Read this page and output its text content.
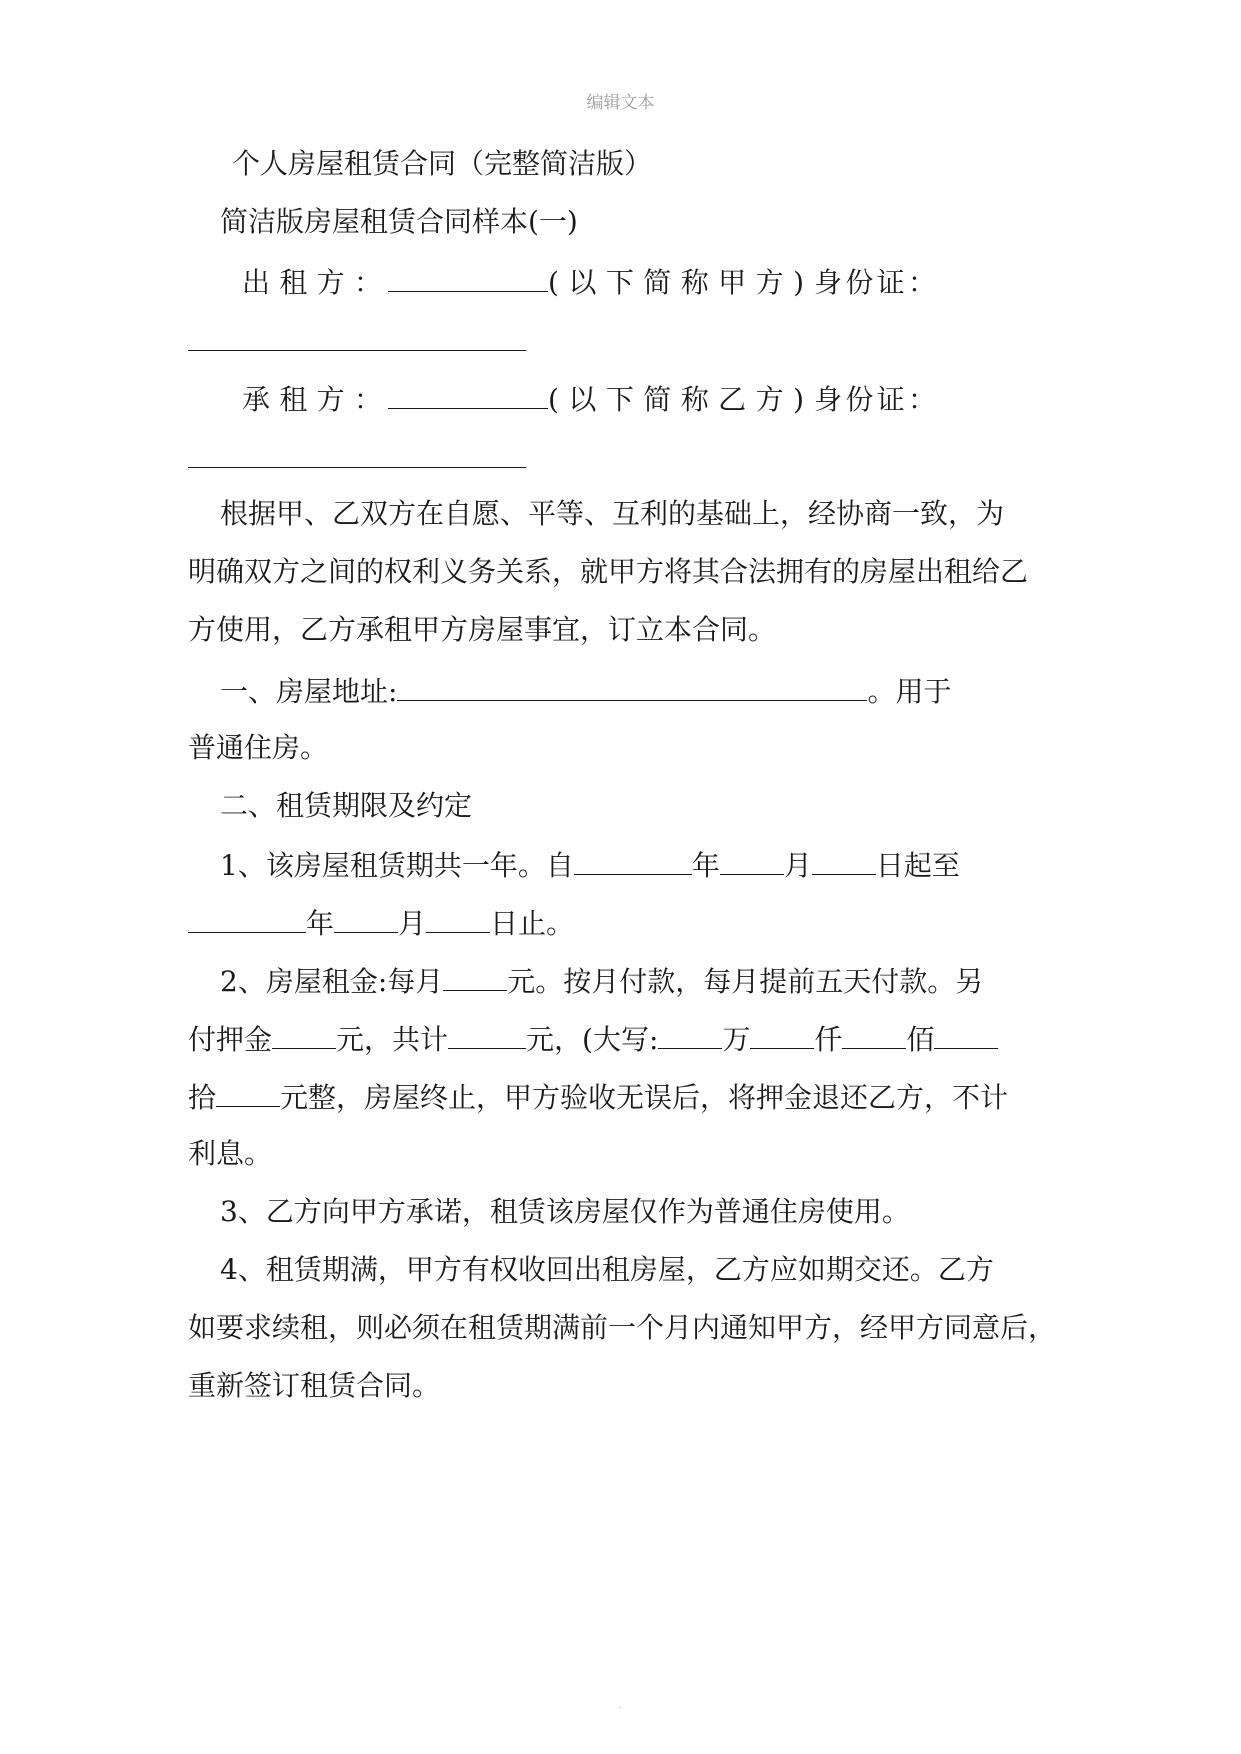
编辑文本
个人房屋租赁合同（完整简洁版）
简洁版房屋租赁合同样本(一)
出租方：	(以下简称甲方) 身份证：
承租方：	(以下简称乙方) 身份证：
根据甲、乙双方在自愿、平等、互利的基础上，经协商一致，为
明确双方之间的权利义务关系，就甲方将其合法拥有的房屋出租给乙
方使用，乙方承租甲方房屋事宜，订立本合同。
一、房屋地址:	。用于
普通住房。
二、租赁期限及约定
1、该房屋租赁期共一年。自	年 月 日起至
年 月 日止。
2、房屋租金:每月 元。按月付款，每月提前五天付款。另
付押金 元，共计	元，(大写: 万 仟 佰
拾 元整，房屋终止，甲方验收无误后，将押金退还乙方，不计
利息。
3、乙方向甲方承诺，租赁该房屋仅作为普通住房使用。
4、租赁期满，甲方有权收回出租房屋，乙方应如期交还。乙方
如要求续租，则必须在租赁期满前一个月内通知甲方，经甲方同意后，
重新签订租赁合同。
.
